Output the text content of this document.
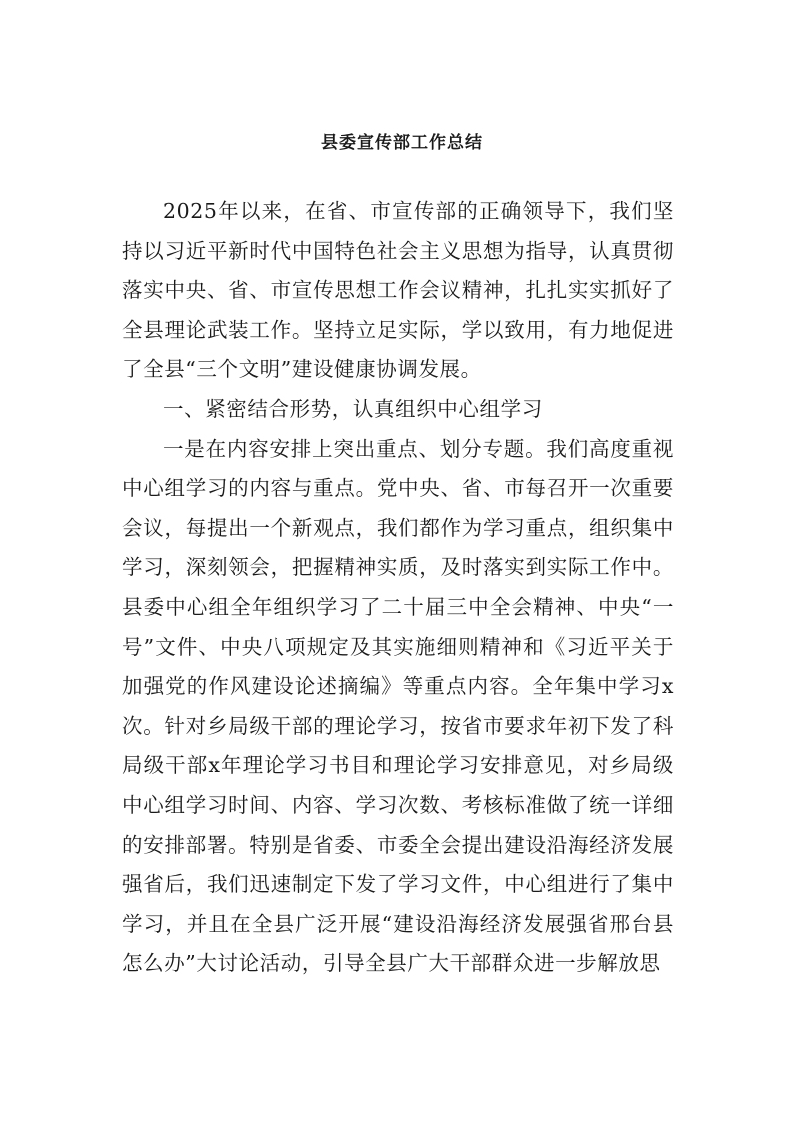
县委宣传部工作总结

2025年以来，在省、市宣传部的正确领导下，我们坚持以习近平新时代中国特色社会主义思想为指导，认真贯彻落实中央、省、市宣传思想工作会议精神，扎扎实实抓好了全县理论武装工作。坚持立足实际，学以致用，有力地促进了全县“三个文明”建设健康协调发展。

一、紧密结合形势，认真组织中心组学习

一是在内容安排上突出重点、划分专题。我们高度重视中心组学习的内容与重点。党中央、省、市每召开一次重要会议，每提出一个新观点，我们都作为学习重点，组织集中学习，深刻领会，把握精神实质，及时落实到实际工作中。县委中心组全年组织学习了二十届三中全会精神、中央“一号”文件、中央八项规定及其实施细则精神和《习近平关于加强党的作风建设论述摘编》等重点内容。全年集中学习x次。针对乡局级干部的理论学习，按省市要求年初下发了科局级干部x年理论学习书目和理论学习安排意见，对乡局级中心组学习时间、内容、学习次数、考核标准做了统一详细的安排部署。特别是省委、市委全会提出建设沿海经济发展强省后，我们迅速制定下发了学习文件，中心组进行了集中学习，并且在全县广泛开展“建设沿海经济发展强省邢台县怎么办”大讨论活动，引导全县广大干部群众进一步解放思
